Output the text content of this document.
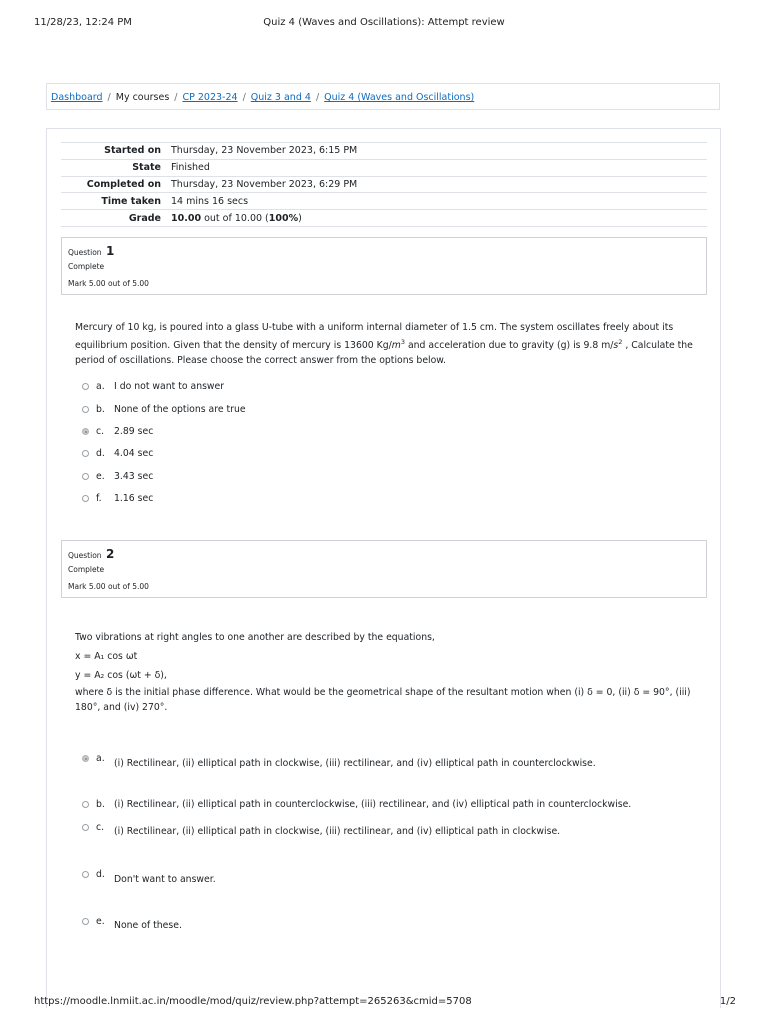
11/28/23, 12:24 PM	Quiz 4 (Waves and Oscillations): Attempt review
Dashboard / My courses / CP 2023-24 / Quiz 3 and 4 / Quiz 4 (Waves and Oscillations)
Started on	Thursday, 23 November 2023, 6:15 PM
State	Finished
Completed on	Thursday, 23 November 2023, 6:29 PM
Time taken	14 mins 16 secs
Grade	10.00 out of 10.00 (100%)
Question 1
Complete
Mark 5.00 out of 5.00
Mercury of 10 kg, is poured into a glass U-tube with a uniform internal diameter of 1.5 cm. The system oscillates freely about its
equilibrium position. Given that the density of mercury is 13600 $Kg/m^3$ and acceleration due to gravity (g) is 9.8 $m/s^2$ , Calculate the
period of oscillations. Please choose the correct answer from the options below.
a. I do not want to answer
b. None of the options are true
c. 2.89 sec
d. 4.04 sec
e. 3.43 sec
f. 1.16 sec
Question 2
Complete
Mark 5.00 out of 5.00
Two vibrations at right angles to one another are described by the equations,
x = A₁ cos ωt
y = A₂ cos (ωt + δ),
where δ is the initial phase difference. What would be the geometrical shape of the resultant motion when (i) δ = 0, (ii) δ = 90°, (iii)
180°, and (iv) 270°.
a. (i) Rectilinear, (ii) elliptical path in clockwise, (iii) rectilinear, and (iv) elliptical path in counterclockwise.
b. (i) Rectilinear, (ii) elliptical path in counterclockwise, (iii) rectilinear, and (iv) elliptical path in counterclockwise.
c. (i) Rectilinear, (ii) elliptical path in clockwise, (iii) rectilinear, and (iv) elliptical path in clockwise.
d. Don't want to answer.
e. None of these.
https://moodle.lnmiit.ac.in/moodle/mod/quiz/review.php?attempt=265263&cmid=5708	1/2
